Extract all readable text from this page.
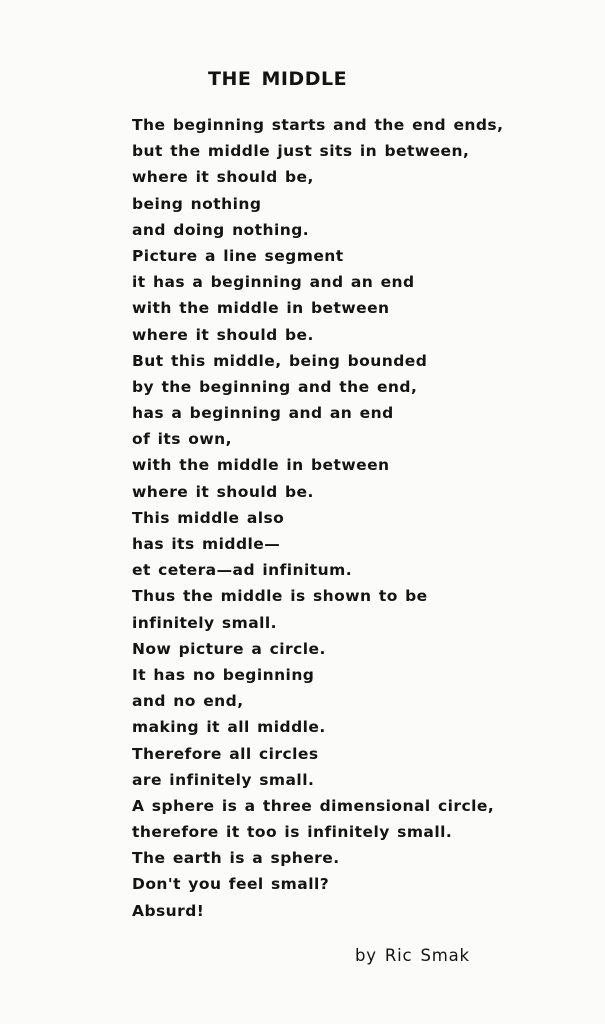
THE MIDDLE
The beginning starts and the end ends,
but the middle just sits in between,
where it should be,
being nothing
and doing nothing.
Picture a line segment
it has a beginning and an end
with the middle in between
where it should be.
But this middle, being bounded
by the beginning and the end,
has a beginning and an end
of its own,
with the middle in between
where it should be.
This middle also
has its middle—
et cetera—ad infinitum.
Thus the middle is shown to be
infinitely small.
Now picture a circle.
It has no beginning
and no end,
making it all middle.
Therefore all circles
are infinitely small.
A sphere is a three dimensional circle,
therefore it too is infinitely small.
The earth is a sphere.
Don't you feel small?
Absurd!

by Ric Smak
